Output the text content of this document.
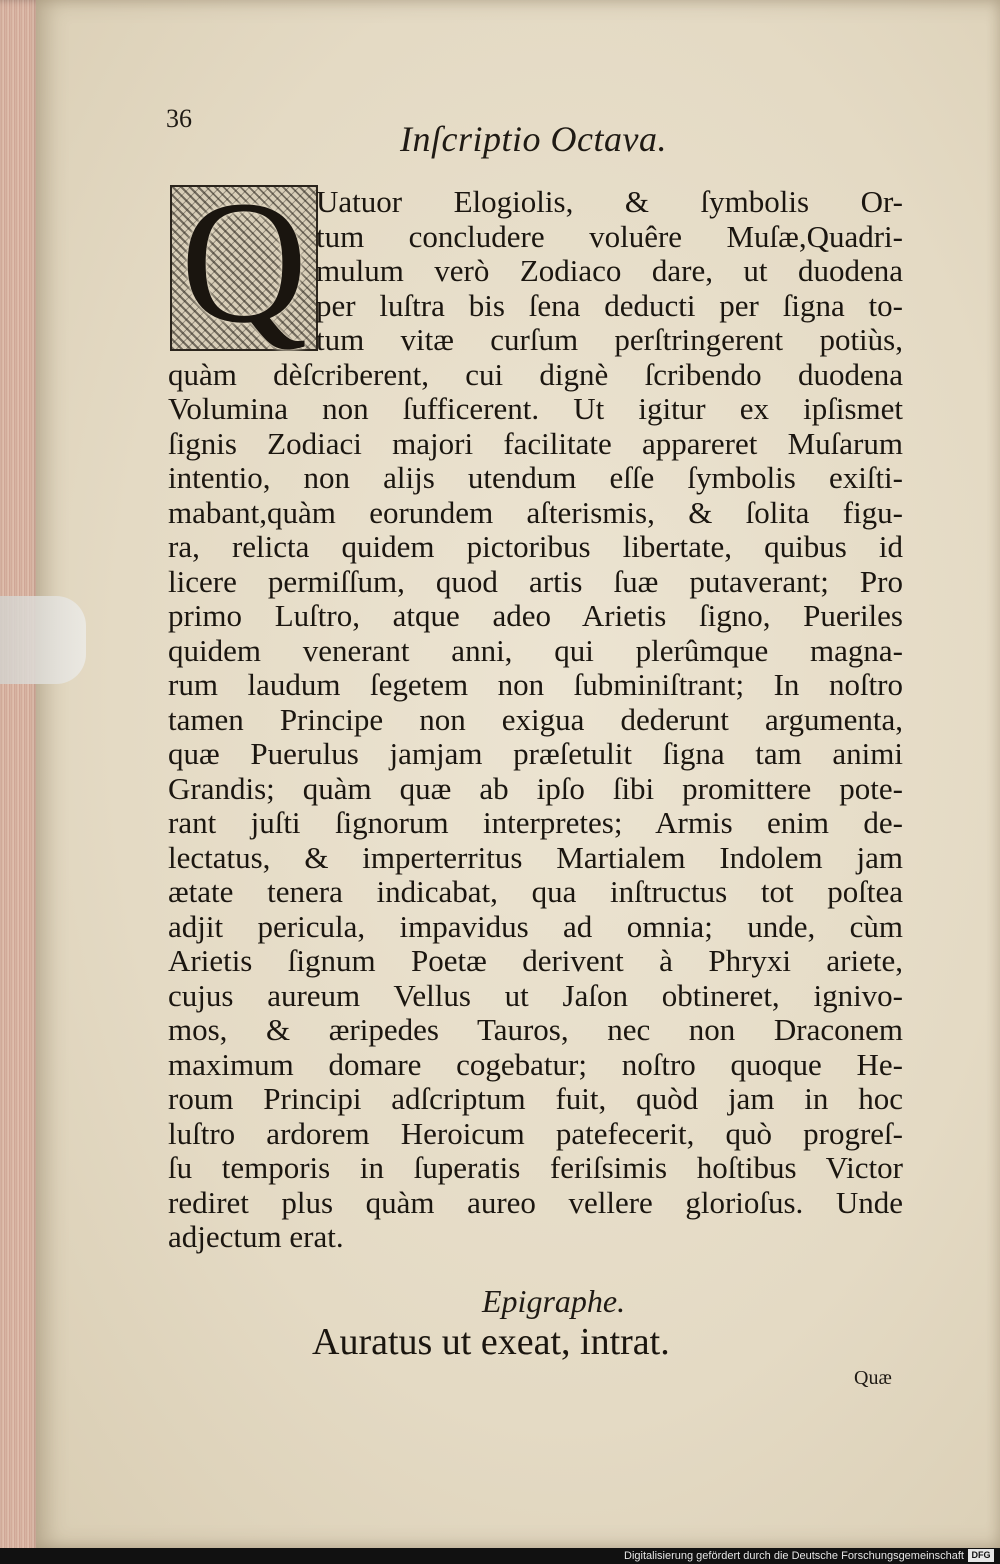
36
Inſcriptio Octava.
Q Uatuor Elogiolis, & ſymbolis Or-
tum concludere voluêre Muſæ,Quadri-
mulum verò Zodiaco dare, ut duodena
per luſtra bis ſena deducti per ſigna to-
tum vitæ curſum perſtringerent potiùs,
quàm dèſcriberent, cui dignè ſcribendo duodena
Volumina non ſufficerent. Ut igitur ex ipſismet
ſignis Zodiaci majori facilitate appareret Muſarum
intentio, non alijs utendum eſſe ſymbolis exiſti-
mabant,quàm eorundem aſterismis, & ſolita figu-
ra, relicta quidem pictoribus libertate, quibus id
licere permiſſum, quod artis ſuæ putaverant; Pro
primo Luſtro, atque adeo Arietis ſigno, Pueriles
quidem venerant anni, qui plerûmque magna-
rum laudum ſegetem non ſubminiſtrant; In noſtro
tamen Principe non exigua dederunt argumenta,
quæ Puerulus jamjam præſetulit ſigna tam animi
Grandis; quàm quæ ab ipſo ſibi promittere pote-
rant juſti ſignorum interpretes; Armis enim de-
lectatus, & imperterritus Martialem Indolem jam
ætate tenera indicabat, qua inſtructus tot poſtea
adjit pericula, impavidus ad omnia; unde, cùm
Arietis ſignum Poetæ derivent à Phryxi ariete,
cujus aureum Vellus ut Jaſon obtineret, ignivo-
mos, & æripedes Tauros, nec non Draconem
maximum domare cogebatur; noſtro quoque He-
roum Principi adſcriptum fuit, quòd jam in hoc
luſtro ardorem Heroicum patefecerit, quò progreſ-
ſu temporis in ſuperatis feriſsimis hoſtibus Victor
rediret plus quàm aureo vellere glorioſus. Unde
adjectum erat.
Epigraphe.
Auratus ut exeat, intrat.
Quæ
Digitalisierung gefördert durch die Deutsche Forschungsgemeinschaft DFG
